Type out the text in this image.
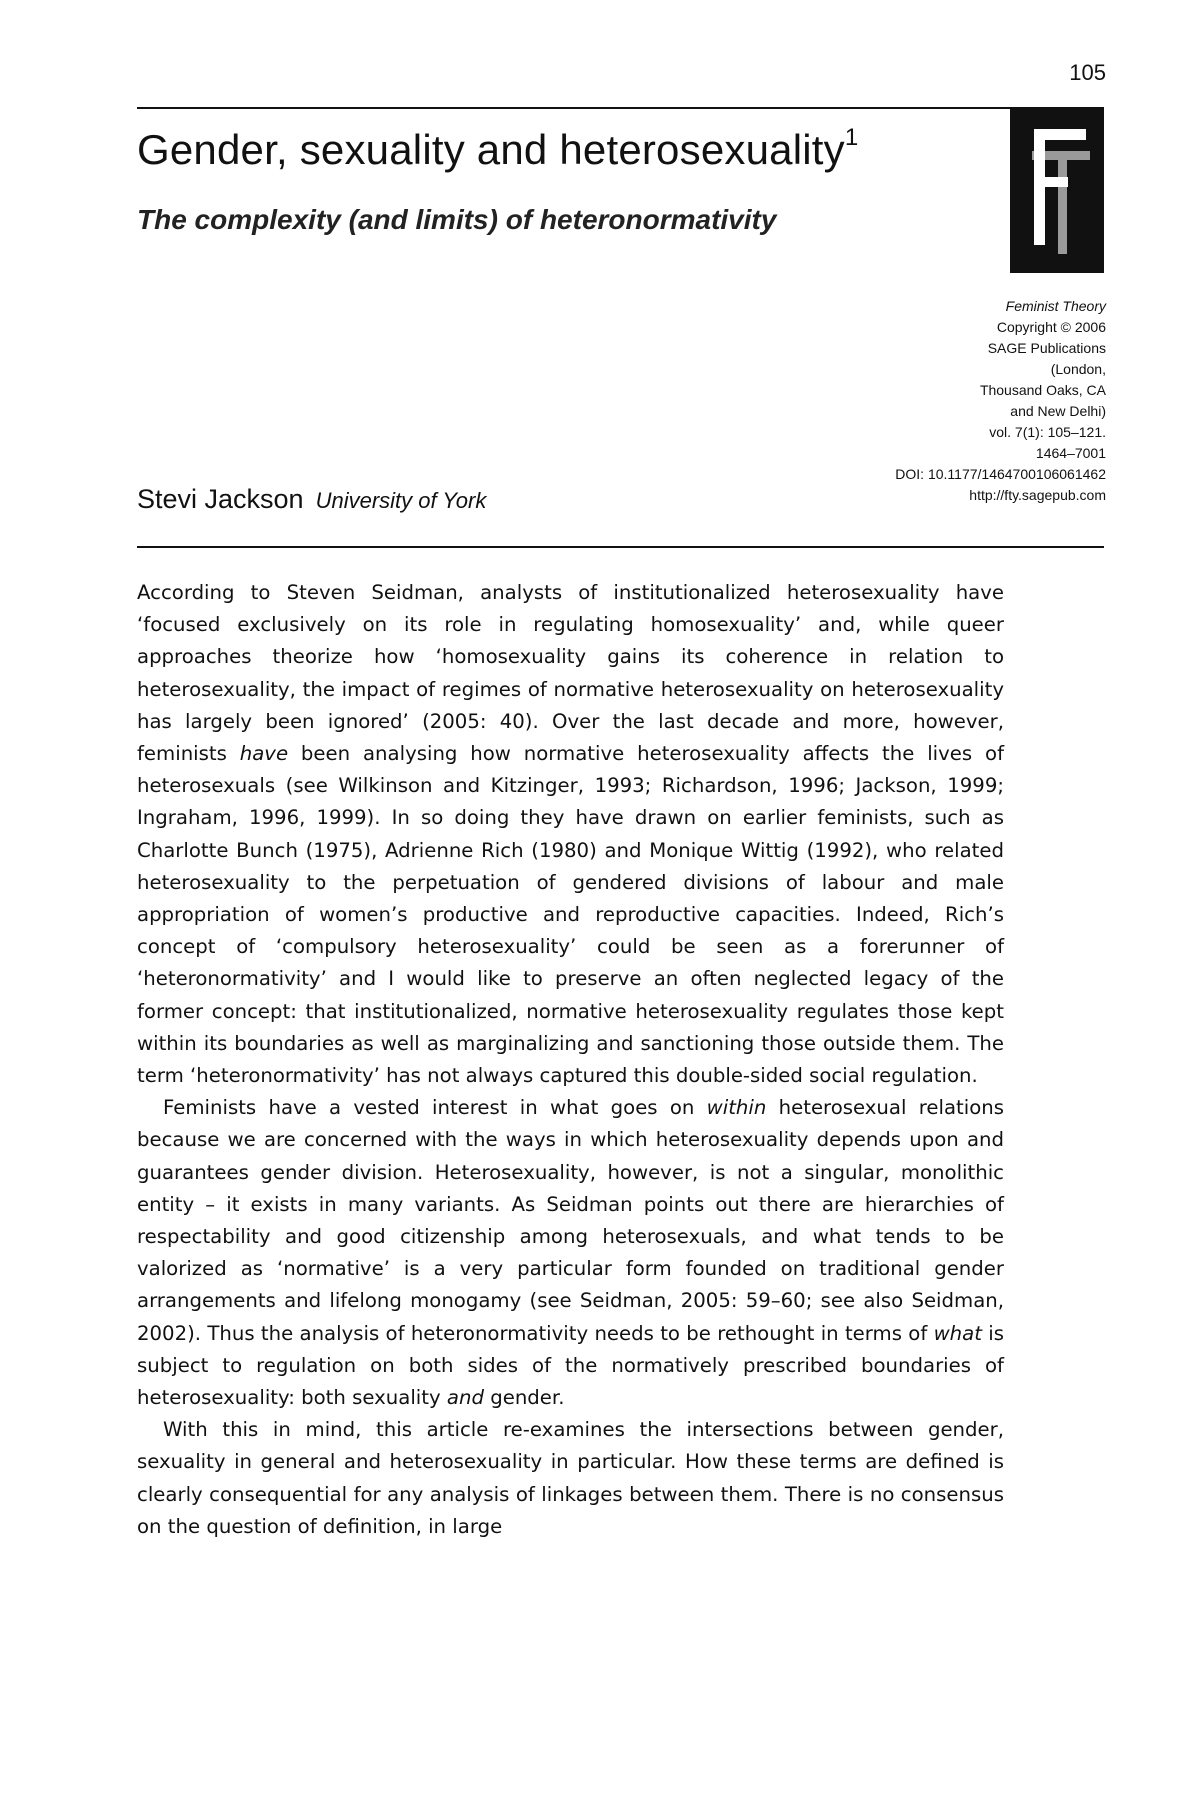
105
Gender, sexuality and heterosexuality$^1$
The complexity (and limits) of heteronormativity
Feminist Theory
Copyright © 2006
SAGE Publications
(London,
Thousand Oaks, CA
and New Delhi)
vol. 7(1): 105–121.
1464–7001
DOI: 10.1177/1464700106061462
http://fty.sagepub.com
Stevi Jackson University of York

According to Steven Seidman, analysts of institutionalized heterosexuality have ‘focused exclusively on its role in regulating homosexuality’ and, while queer approaches theorize how ‘homosexuality gains its coherence in relation to heterosexuality, the impact of regimes of normative heterosexuality on heterosexuality has largely been ignored’ (2005: 40). Over the last decade and more, however, feminists have been analysing how normative heterosexuality affects the lives of heterosexuals (see Wilkinson and Kitzinger, 1993; Richardson, 1996; Jackson, 1999; Ingraham, 1996, 1999). In so doing they have drawn on earlier feminists, such as Charlotte Bunch (1975), Adrienne Rich (1980) and Monique Wittig (1992), who related heterosexuality to the perpetuation of gendered divisions of labour and male appropriation of women’s productive and reproductive capacities. Indeed, Rich’s concept of ‘compulsory heterosexuality’ could be seen as a forerunner of ‘heteronormativity’ and I would like to preserve an often neglected legacy of the former concept: that institutionalized, normative heterosexuality regulates those kept within its boundaries as well as marginalizing and sanctioning those outside them. The term ‘heteronormativity’ has not always captured this double-sided social regulation.

Feminists have a vested interest in what goes on within heterosexual relations because we are concerned with the ways in which heterosexuality depends upon and guarantees gender division. Heterosexuality, however, is not a singular, monolithic entity – it exists in many variants. As Seidman points out there are hierarchies of respectability and good citizenship among heterosexuals, and what tends to be valorized as ‘normative’ is a very particular form founded on traditional gender arrangements and lifelong monogamy (see Seidman, 2005: 59–60; see also Seidman, 2002). Thus the analysis of heteronormativity needs to be rethought in terms of what is subject to regulation on both sides of the normatively prescribed boundaries of heterosexuality: both sexuality and gender.

With this in mind, this article re-examines the intersections between gender, sexuality in general and heterosexuality in particular. How these terms are defined is clearly consequential for any analysis of linkages between them. There is no consensus on the question of definition, in large
